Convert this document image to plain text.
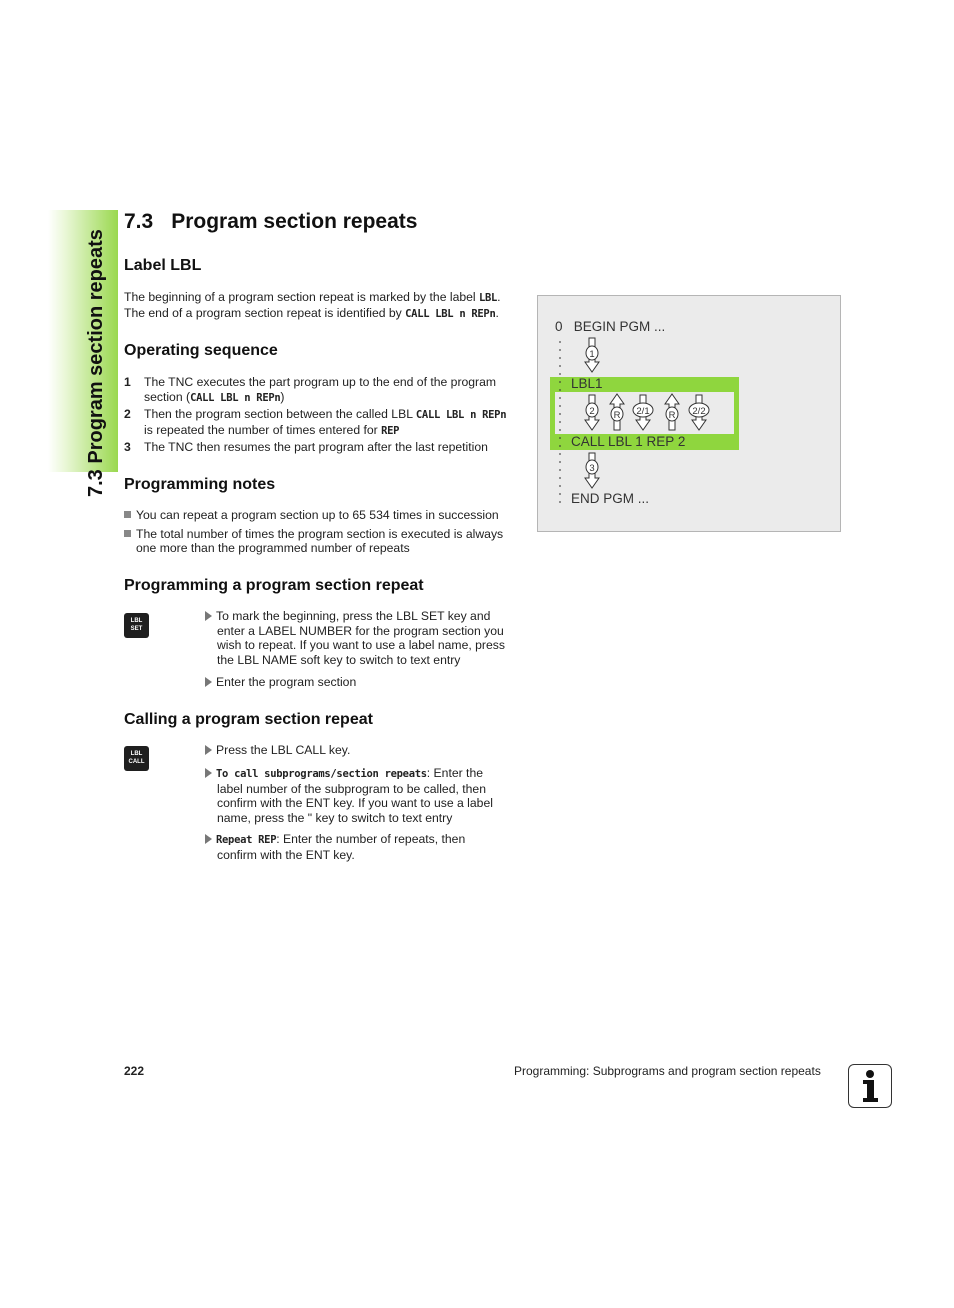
7.3 Program section repeats
7.3 Program section repeats
Label LBL
The beginning of a program section repeat is marked by the label LBL.
The end of a program section repeat is identified by CALL LBL n REPn.
Operating sequence
1 The TNC executes the part program up to the end of the program
section (CALL LBL n REPn)
2 Then the program section between the called LBL CALL LBL n REPn
is repeated the number of times entered for REP
3 The TNC then resumes the part program after the last repetition
Programming notes
You can repeat a program section up to 65 534 times in succession
The total number of times the program section is executed is always
one more than the programmed number of repeats
Programming a program section repeat
LBL
SET
To mark the beginning, press the LBL SET key and
enter a LABEL NUMBER for the program section you
wish to repeat. If you want to use a label name, press
the LBL NAME soft key to switch to text entry
Enter the program section
Calling a program section repeat
LBL
CALL
Press the LBL CALL key.
To call subprograms/section repeats: Enter the
label number of the subprogram to be called, then
confirm with the ENT key. If you want to use a label
name, press the " key to switch to text entry
Repeat REP: Enter the number of repeats, then
confirm with the ENT key.
1
2 R 2/1 R 2/2
3
0   BEGIN PGM ...
LBL1
CALL LBL 1 REP 2
END PGM ...
222	Programming: Subprograms and program section repeats
